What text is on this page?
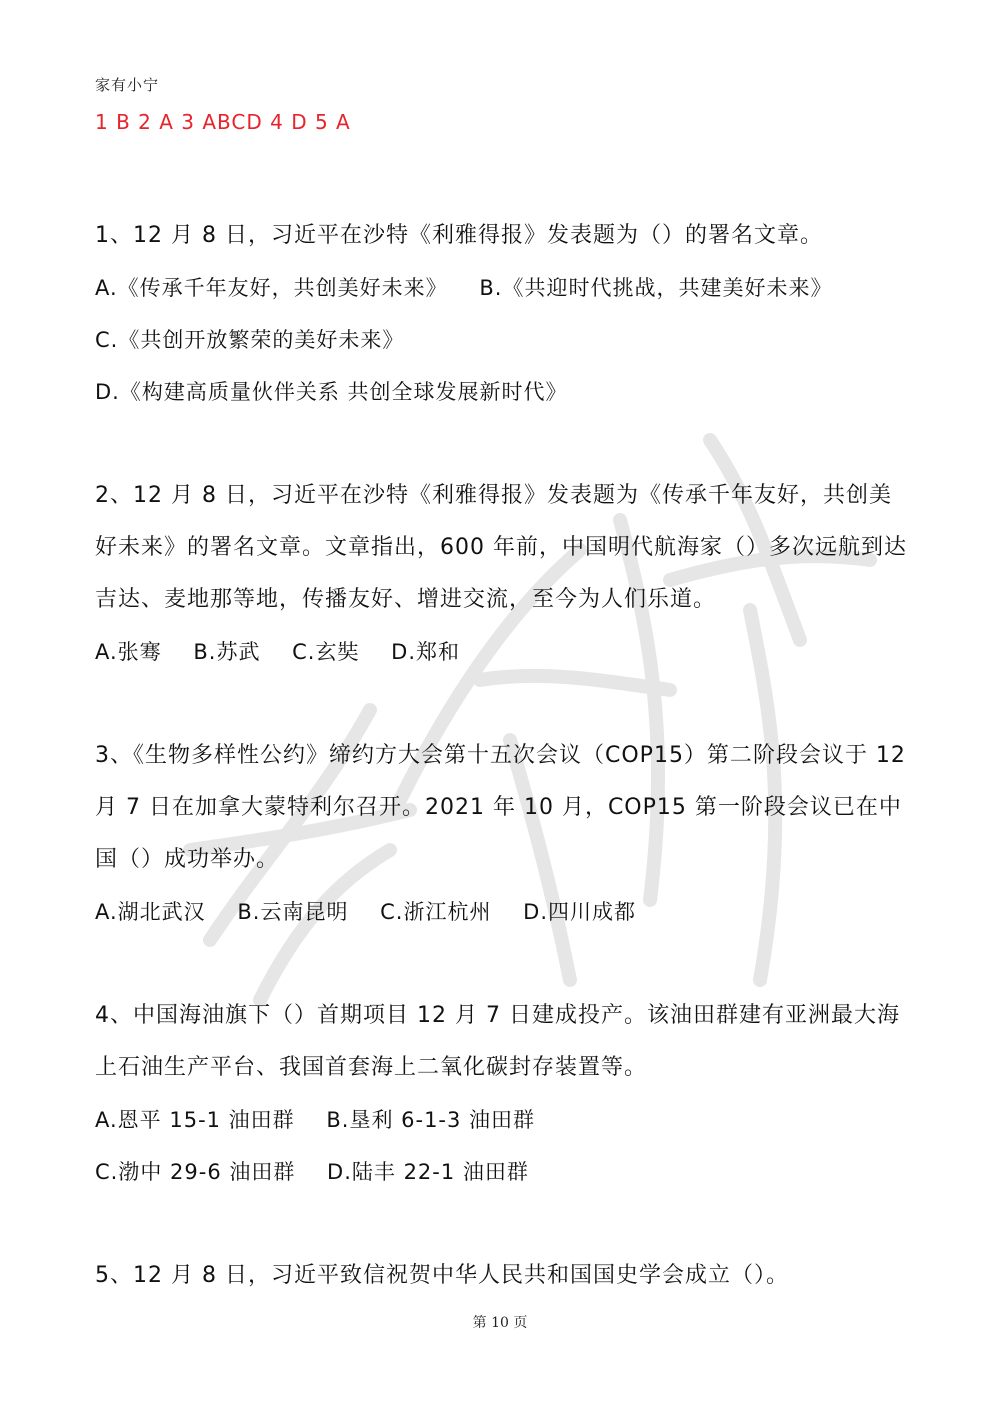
家有小宁
1 B 2 A 3 ABCD 4 D 5 A

1、12 月 8 日，习近平在沙特《利雅得报》发表题为（）的署名文章。

A.《传承千年友好，共创美好未来》 B.《共迎时代挑战，共建美好未来》
C.《共创开放繁荣的美好未来》
D.《构建高质量伙伴关系 共创全球发展新时代》

2、12 月 8 日，习近平在沙特《利雅得报》发表题为《传承千年友好，共创美好未来》的署名文章。文章指出，600 年前，中国明代航海家（）多次远航到达吉达、麦地那等地，传播友好、增进交流，至今为人们乐道。

A.张骞 B.苏武 C.玄奘 D.郑和

3、《生物多样性公约》缔约方大会第十五次会议（COP15）第二阶段会议于 12 月 7 日在加拿大蒙特利尔召开。2021 年 10 月，COP15 第一阶段会议已在中国（）成功举办。

A.湖北武汉 B.云南昆明 C.浙江杭州 D.四川成都

4、中国海油旗下（）首期项目 12 月 7 日建成投产。该油田群建有亚洲最大海上石油生产平台、我国首套海上二氧化碳封存装置等。

A.恩平 15-1 油田群 B.垦利 6-1-3 油田群
C.渤中 29-6 油田群 D.陆丰 22-1 油田群

5、12 月 8 日，习近平致信祝贺中华人民共和国国史学会成立（）。

第 10 页
